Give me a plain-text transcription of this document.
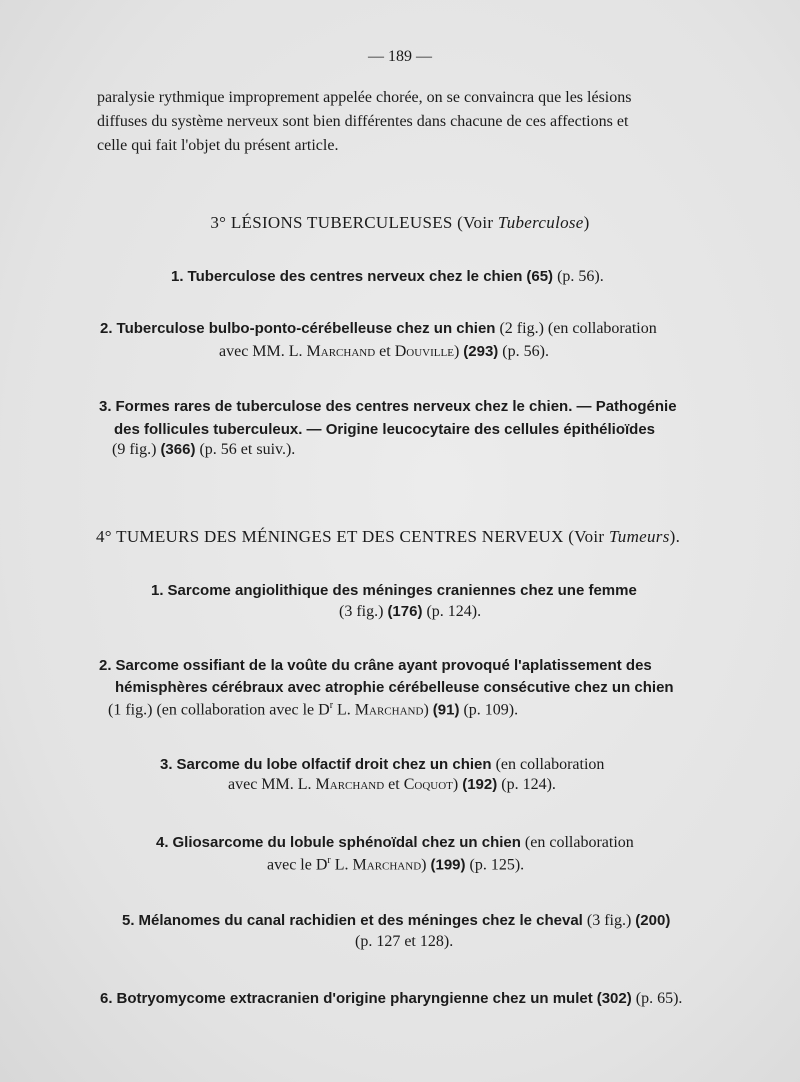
— 189 —
paralysie rythmique improprement appelée chorée, on se convaincra que les lésions
diffuses du système nerveux sont bien différentes dans chacune de ces affections et
celle qui fait l'objet du présent article.
3° LÉSIONS TUBERCULEUSES (Voir Tuberculose)
1. Tuberculose des centres nerveux chez le chien (65) (p. 56).
2. Tuberculose bulbo-ponto-cérébelleuse chez un chien (2 fig.) (en collaboration
avec MM. L. Marchand et Douville) (293) (p. 56).
3. Formes rares de tuberculose des centres nerveux chez le chien. — Pathogénie
des follicules tuberculeux. — Origine leucocytaire des cellules épithélioïdes
(9 fig.) (366) (p. 56 et suiv.).
4° TUMEURS DES MÉNINGES ET DES CENTRES NERVEUX (Voir Tumeurs).
1. Sarcome angiolithique des méninges craniennes chez une femme
(3 fig.) (176) (p. 124).
2. Sarcome ossifiant de la voûte du crâne ayant provoqué l'aplatissement des
hémisphères cérébraux avec atrophie cérébelleuse consécutive chez un chien
(1 fig.) (en collaboration avec le $D^r$ L. Marchand) (91) (p. 109).
3. Sarcome du lobe olfactif droit chez un chien (en collaboration
avec MM. L. Marchand et Coquot) (192) (p. 124).
4. Gliosarcome du lobule sphénoïdal chez un chien (en collaboration
avec le $D^r$ L. Marchand) (199) (p. 125).
5. Mélanomes du canal rachidien et des méninges chez le cheval (3 fig.) (200)
(p. 127 et 128).
6. Botryomycome extracranien d'origine pharyngienne chez un mulet (302) (p. 65).
